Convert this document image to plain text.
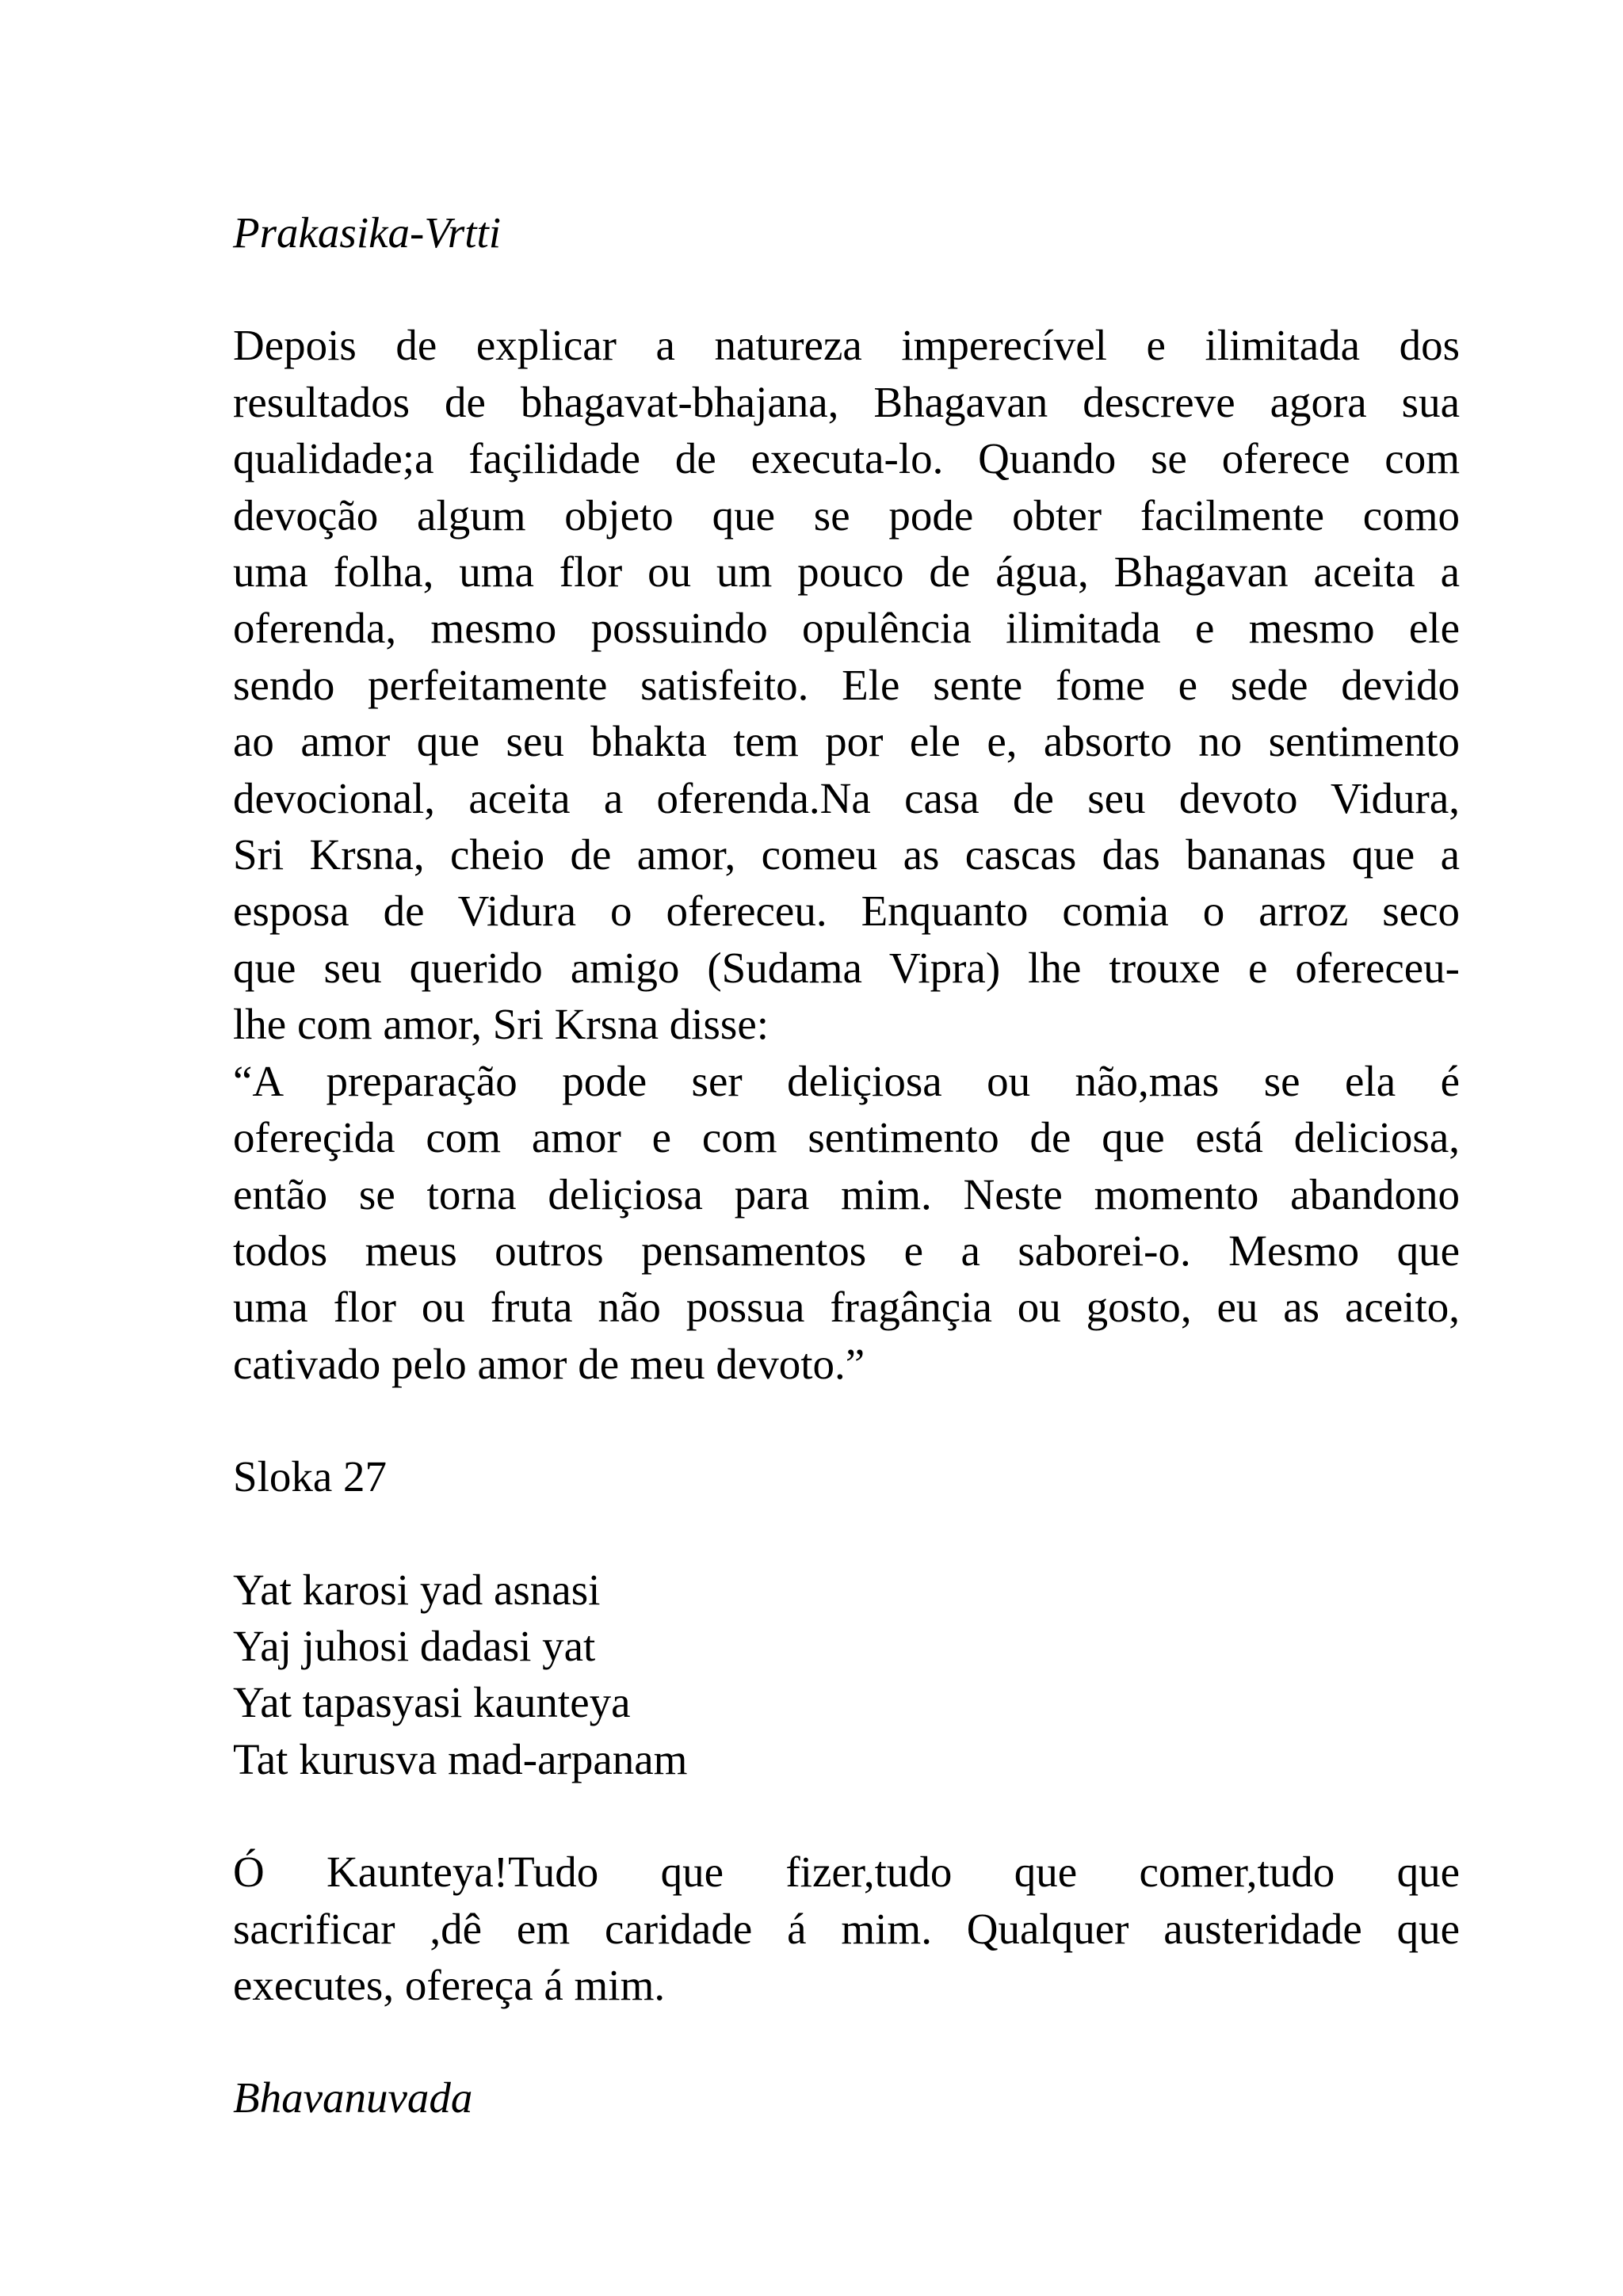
Prakasika-Vrtti

Depois de explicar a natureza imperecível e ilimitada dos
resultados de bhagavat-bhajana, Bhagavan descreve agora sua
qualidade;a façilidade de executa-lo. Quando se oferece com
devoção algum objeto que se pode obter facilmente como
uma folha, uma flor ou um pouco de água, Bhagavan aceita a
oferenda, mesmo possuindo opulência ilimitada e mesmo ele
sendo perfeitamente satisfeito. Ele sente fome e sede devido
ao amor que seu bhakta tem por ele e, absorto no sentimento
devocional, aceita a oferenda.Na casa de seu devoto Vidura,
Sri Krsna, cheio de amor, comeu as cascas das bananas que a
esposa de Vidura o ofereceu. Enquanto comia o arroz seco
que seu querido amigo (Sudama Vipra) lhe trouxe e ofereceu-
lhe com amor, Sri Krsna disse:
“A preparação pode ser deliçiosa ou não,mas se ela é
ofereçida com amor e com sentimento de que está deliciosa,
então se torna deliçiosa para mim. Neste momento abandono
todos meus outros pensamentos e a saborei-o. Mesmo que
uma flor ou fruta não possua fragânçia ou gosto, eu as aceito,
cativado pelo amor de meu devoto.”

Sloka 27

Yat karosi yad asnasi
Yaj juhosi dadasi yat
Yat tapasyasi kaunteya
Tat kurusva mad-arpanam
Ó Kaunteya!Tudo que fizer,tudo que comer,tudo que
sacrificar ,dê em caridade á mim. Qualquer austeridade que
executes, ofereça á mim.

Bhavanuvada
